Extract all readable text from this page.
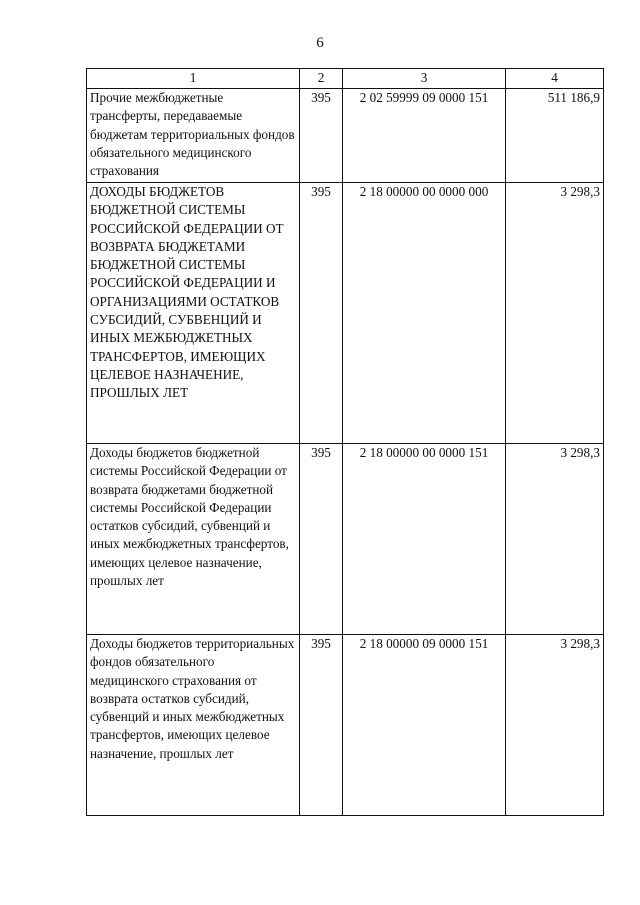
6
1	2	3	4
Прочие межбюджетные трансферты, передаваемые бюджетам территориальных фондов обязательного медицинского страхования	395	2 02 59999 09 0000 151	511 186,9
ДОХОДЫ БЮДЖЕТОВ БЮДЖЕТНОЙ СИСТЕМЫ РОССИЙСКОЙ ФЕДЕРАЦИИ ОТ ВОЗВРАТА БЮДЖЕТАМИ БЮДЖЕТНОЙ СИСТЕМЫ РОССИЙСКОЙ ФЕДЕРАЦИИ И ОРГАНИЗАЦИЯМИ ОСТАТКОВ СУБСИДИЙ, СУБВЕНЦИЙ И ИНЫХ МЕЖБЮДЖЕТНЫХ ТРАНСФЕРТОВ, ИМЕЮЩИХ ЦЕЛЕВОЕ НАЗНАЧЕНИЕ, ПРОШЛЫХ ЛЕТ	395	2 18 00000 00 0000 000	3 298,3
Доходы бюджетов бюджетной системы Российской Федерации от возврата бюджетами бюджетной системы Российской Федерации остатков субсидий, субвенций и иных межбюджетных трансфертов, имеющих целевое назначение, прошлых лет	395	2 18 00000 00 0000 151	3 298,3
Доходы бюджетов территориальных фондов обязательного медицинского страхования от возврата остатков субсидий, субвенций и иных межбюджетных трансфертов, имеющих целевое назначение, прошлых лет	395	2 18 00000 09 0000 151	3 298,3
